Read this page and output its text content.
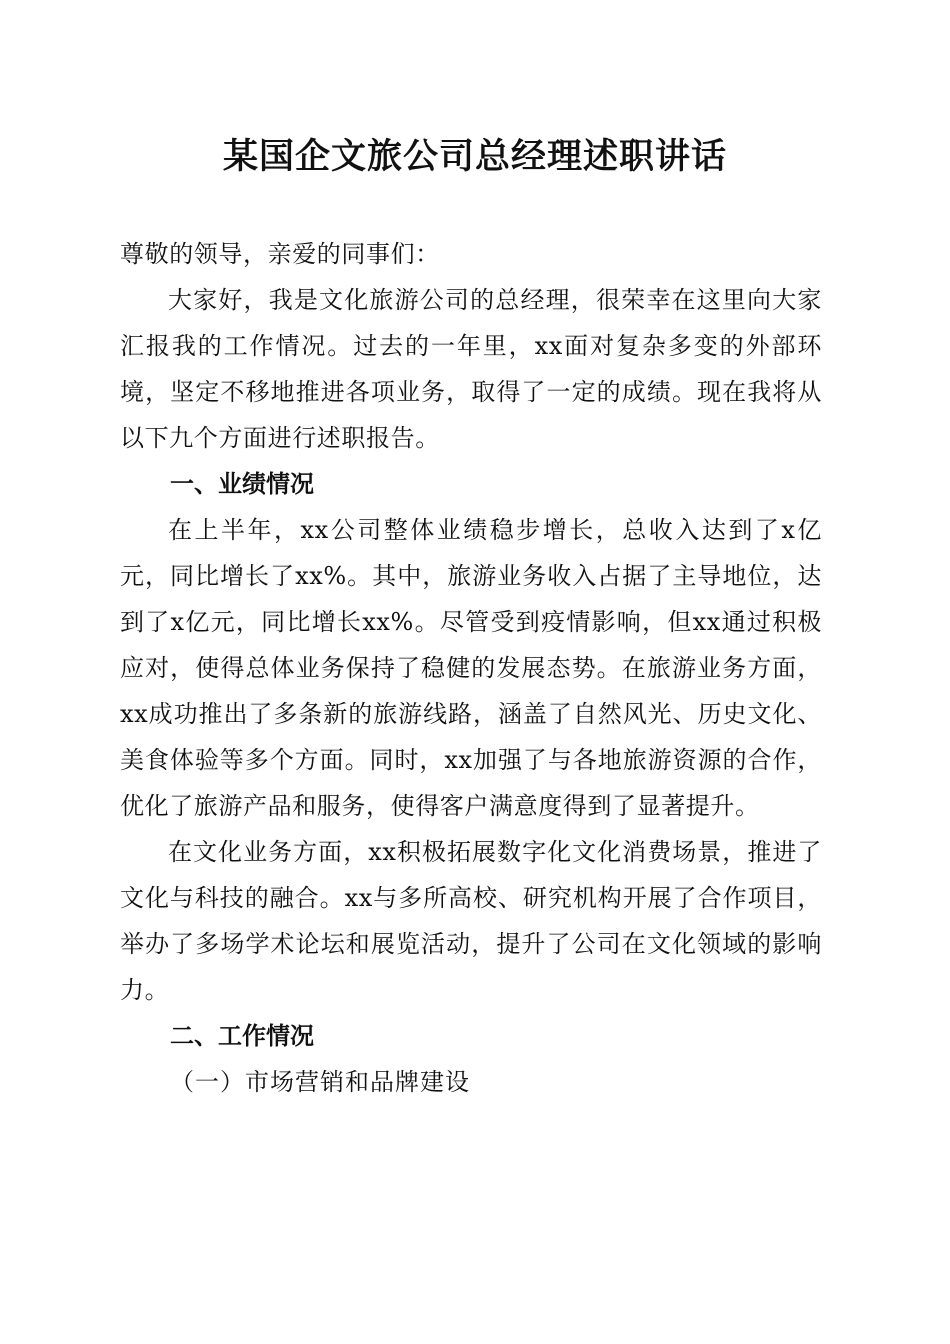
某国企文旅公司总经理述职讲话

尊敬的领导，亲爱的同事们：

大家好，我是文化旅游公司的总经理，很荣幸在这里向大家汇报我的工作情况。过去的一年里，xx面对复杂多变的外部环境，坚定不移地推进各项业务，取得了一定的成绩。现在我将从以下九个方面进行述职报告。

一、业绩情况

在上半年，xx公司整体业绩稳步增长，总收入达到了x亿元，同比增长了xx%。其中，旅游业务收入占据了主导地位，达到了x亿元，同比增长xx%。尽管受到疫情影响，但xx通过积极应对，使得总体业务保持了稳健的发展态势。在旅游业务方面，xx成功推出了多条新的旅游线路，涵盖了自然风光、历史文化、美食体验等多个方面。同时，xx加强了与各地旅游资源的合作，优化了旅游产品和服务，使得客户满意度得到了显著提升。

在文化业务方面，xx积极拓展数字化文化消费场景，推进了文化与科技的融合。xx与多所高校、研究机构开展了合作项目，举办了多场学术论坛和展览活动，提升了公司在文化领域的影响力。

二、工作情况
（一）市场营销和品牌建设
